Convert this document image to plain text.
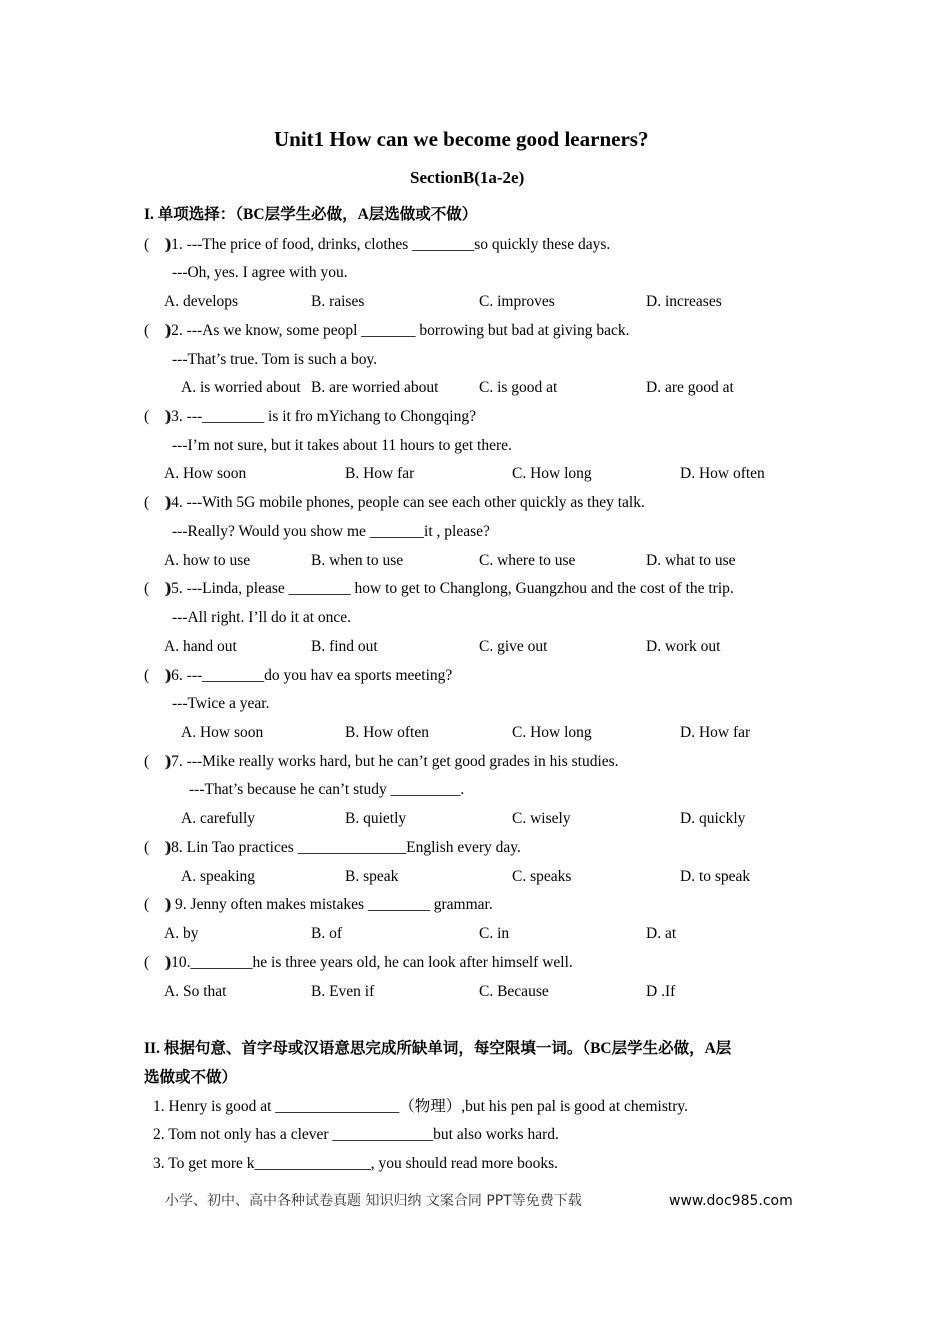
Unit1 How can we become good learners?
SectionB(1a-2e)
I. 单项选择：（BC层学生必做，A层选做或不做）
(    )
)1. ---The price of food, drinks, clothes ________so quickly these days.
---Oh, yes. I agree with you.
A. develops	B. raises	C. improves	D. increases
(    )
)2. ---As we know, some peopl _______ borrowing but bad at giving back.
---That’s true. Tom is such a boy.
A. is worried about B. are worried about	C. is good at	D. are good at
(    )
)3. ---________ is it fro mYichang to Chongqing?
---I’m not sure, but it takes about 11 hours to get there.
A. How soon	B. How far	C. How long	D. How often
(    )
)4. ---With 5G mobile phones, people can see each other quickly as they talk.
---Really? Would you show me _______it , please?
A. how to use	B. when to use	C. where to use	D. what to use
(    )
)5. ---Linda, please ________ how to get to Changlong, Guangzhou and the cost of the trip.
---All right. I’ll do it at once.
A. hand out	B. find out	C. give out	D. work out
(    )
)6. ---________do you hav ea sports meeting?
---Twice a year.
A. How soon	B. How often	C. How long	D. How far
(    )
)7. ---Mike really works hard, but he can’t get good grades in his studies.
---That’s because he can’t study _________.
A. carefully	B. quietly	C. wisely	D. quickly
(    )
)8. Lin Tao practices ______________English every day.
A. speaking	B. speak	C. speaks	D. to speak
(    )
) 9. Jenny often makes mistakes ________ grammar.
A. by	B. of	C. in	D. at
(    )
)10.________he is three years old, he can look after himself well.
A. So that	B. Even if	C. Because	D .If
II. 根据句意、首字母或汉语意思完成所缺单词，每空限填一词。（BC层学生必做，A层
选做或不做）
1. Henry is good at ________________（物理）,but his pen pal is good at chemistry.
2. Tom not only has a clever _____________but also works hard.
3. To get more k_______________, you should read more books.
小学、初中、高中各种试卷真题 知识归纳 文案合同 PPT等免费下载	www.doc985.com
